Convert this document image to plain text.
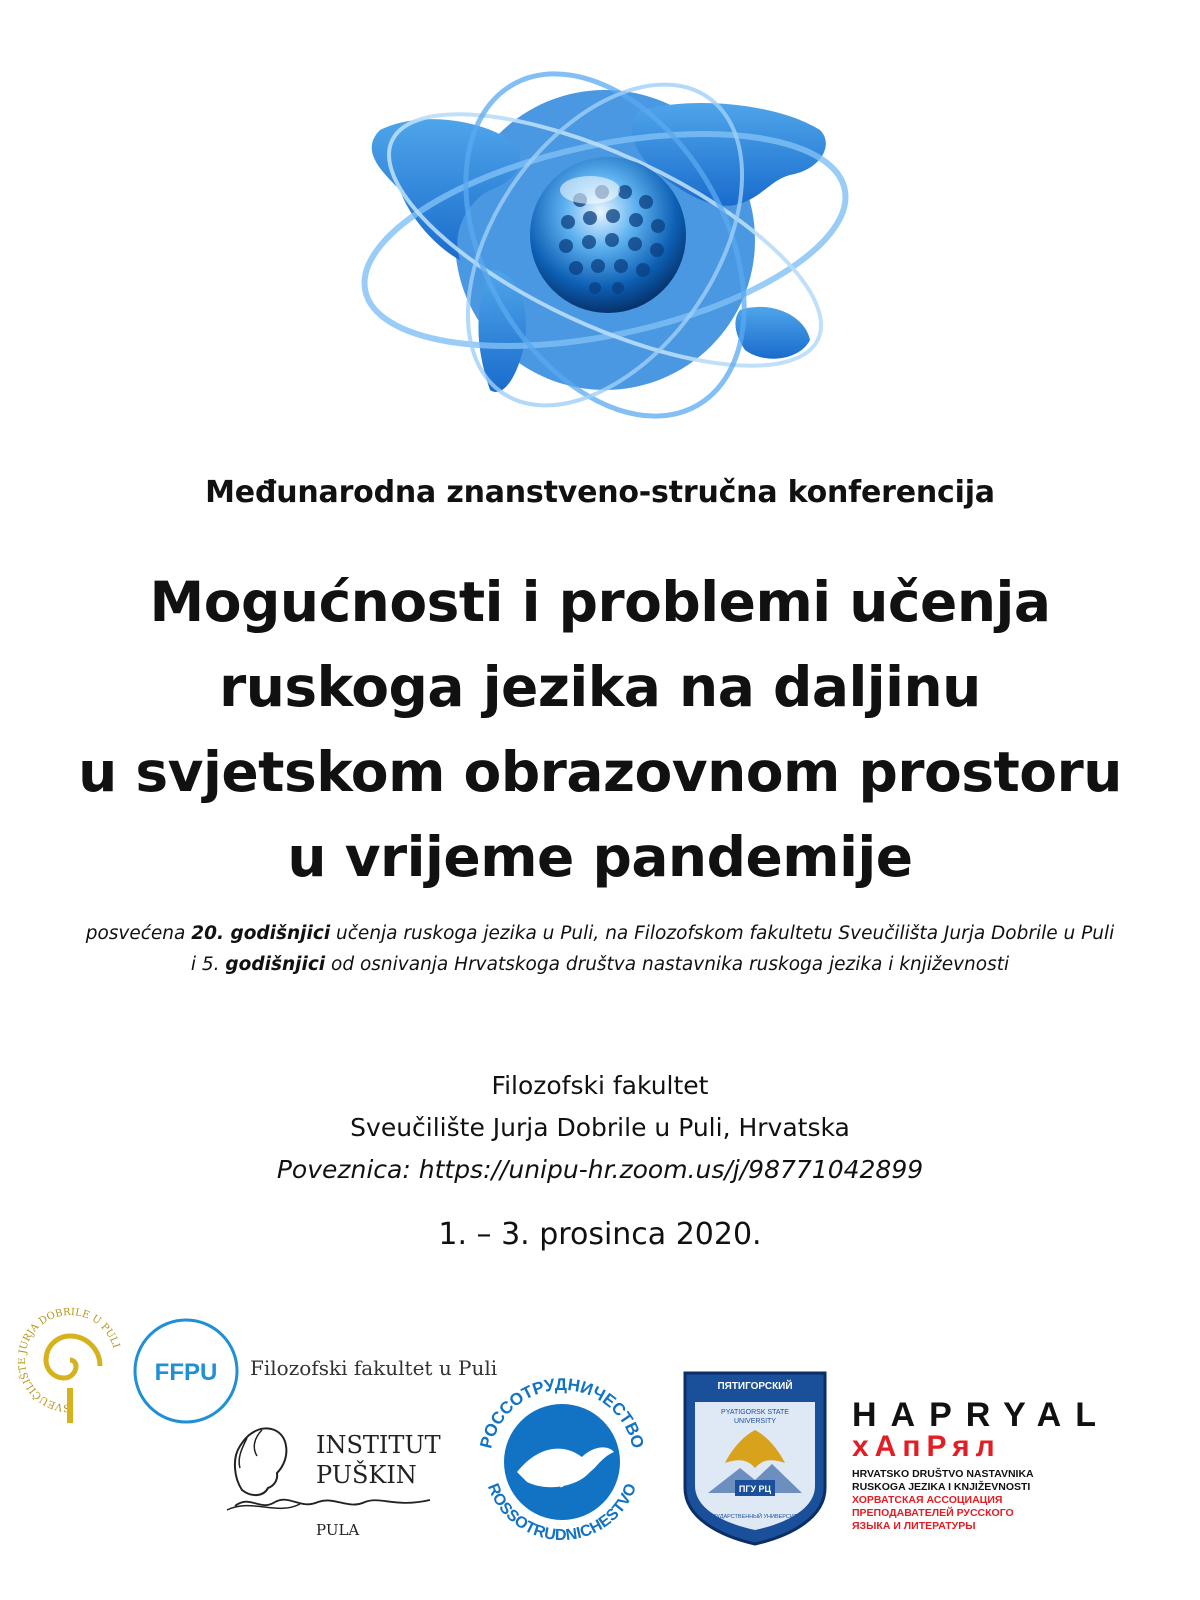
Međunarodna znanstveno-stručna konferencija
Mogućnosti i problemi učenja
ruskoga jezika na daljinu
u svjetskom obrazovnom prostoru
u vrijeme pandemije
posvećena 20. godišnjici učenja ruskoga jezika u Puli, na Filozofskom fakultetu Sveučilišta Jurja Dobrile u Puli
i 5. godišnjici od osnivanja Hrvatskoga društva nastavnika ruskoga jezika i književnosti
Filozofski fakultet
Sveučilište Jurja Dobrile u Puli, Hrvatska
Poveznica: https://unipu-hr.zoom.us/j/98771042899
1. – 3. prosinca 2020.
SVEUČILIŠTE JURJA DOBRILE U PULI
FFPU Filozofski fakultet u Puli
INSTITUT
PUŠKIN
PULA
РОССОТРУДНИЧЕСТВО
ROSSOTRUDNICHESTVO
ПЯТИГОРСКИЙ
PYATIGORSK STATE
UNIVERSITY
ПГУ РЦ
ГОСУДАРСТВЕННЫЙ УНИВЕРСИТЕТ
HAPRYAL
хАпРял
HRVATSKO DRUŠTVO NASTAVNIKA
RUSKOGA JEZIKA I KNJIŽEVNOSTI
ХОРВАТСКАЯ АССОЦИАЦИЯ
ПРЕПОДАВАТЕЛЕЙ РУССКОГО
ЯЗЫКА И ЛИТЕРАТУРЫ
